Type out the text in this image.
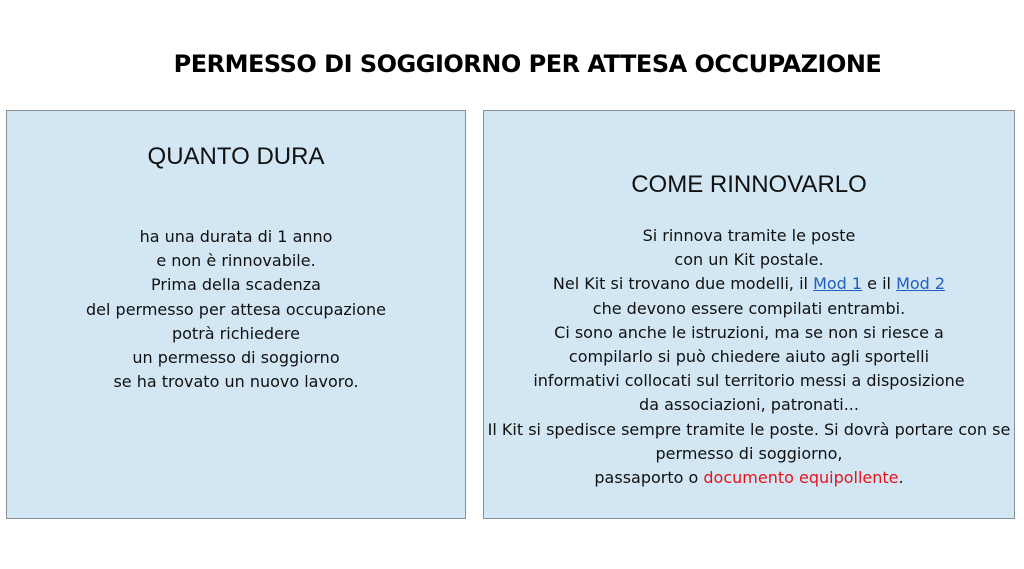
PERMESSO DI SOGGIORNO PER ATTESA OCCUPAZIONE
QUANTO DURA
ha una durata di 1 anno
e non è rinnovabile.
Prima della scadenza
del permesso per attesa occupazione
potrà richiedere
un permesso di soggiorno
se ha trovato un nuovo lavoro.
COME RINNOVARLO
Si rinnova tramite le poste
con un Kit postale.
Nel Kit si trovano due modelli, il Mod 1 e il Mod 2
che devono essere compilati entrambi.
Ci sono anche le istruzioni, ma se non si riesce a
compilarlo si può chiedere aiuto agli sportelli
informativi collocati sul territorio messi a disposizione
da associazioni, patronati...
Il Kit si spedisce sempre tramite le poste. Si dovrà portare con se
permesso di soggiorno,
passaporto o documento equipollente.
